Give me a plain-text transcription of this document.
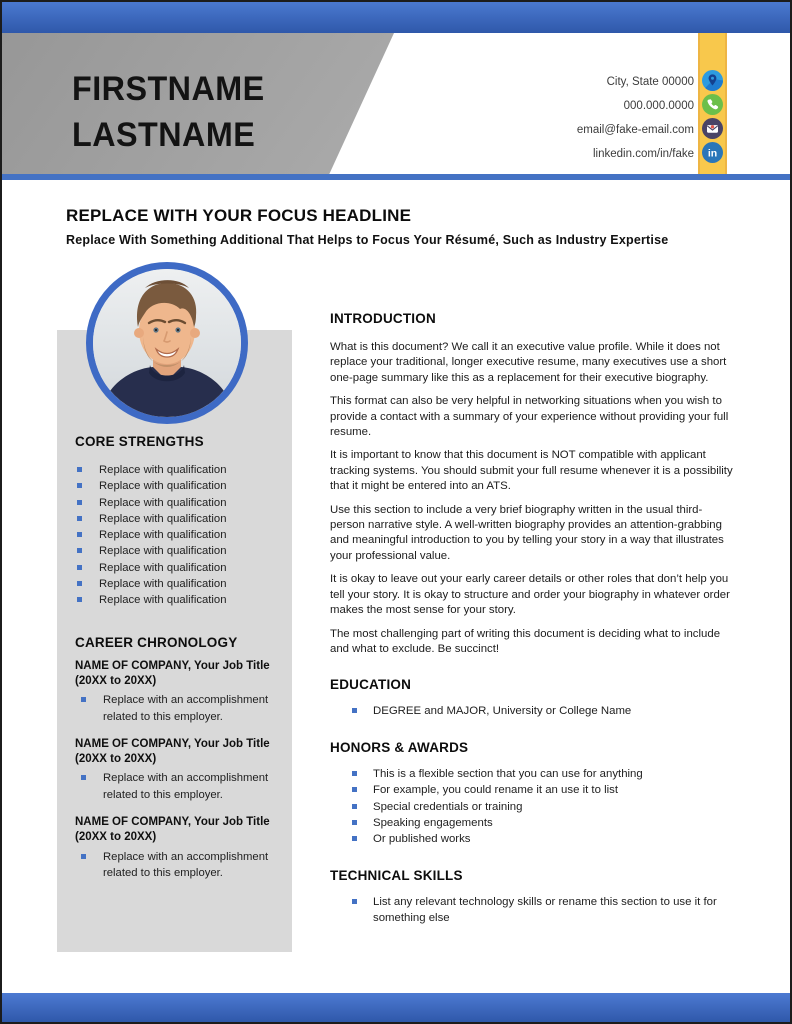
FIRSTNAME
LASTNAME
City, State 00000
000.000.0000
email@fake-email.com
linkedin.com/in/fake in
REPLACE WITH YOUR FOCUS HEADLINE

Replace With Something Additional That Helps to Focus Your Résumé, Such as Industry Expertise

CORE STRENGTHS
Replace with qualification
Replace with qualification
Replace with qualification
Replace with qualification
Replace with qualification
Replace with qualification
Replace with qualification
Replace with qualification
Replace with qualification
CAREER CHRONOLOGY
NAME OF COMPANY, Your Job Title
(20XX to 20XX)
Replace with an accomplishment related to this employer.
NAME OF COMPANY, Your Job Title
(20XX to 20XX)
Replace with an accomplishment related to this employer.
NAME OF COMPANY, Your Job Title
(20XX to 20XX)
Replace with an accomplishment related to this employer.
INTRODUCTION

What is this document? We call it an executive value profile. While it does not replace your traditional, longer executive resume, many executives use a short one-page summary like this as a replacement for their executive biography.

This format can also be very helpful in networking situations when you wish to provide a contact with a summary of your experience without providing your full resume.

It is important to know that this document is NOT compatible with applicant tracking systems. You should submit your full resume whenever it is a possibility that it might be entered into an ATS.

Use this section to include a very brief biography written in the usual third-person narrative style. A well-written biography provides an attention-grabbing and meaningful introduction to you by telling your story in a way that illustrates your professional value.

It is okay to leave out your early career details or other roles that don’t help you tell your story. It is okay to structure and order your biography in whatever order makes the most sense for your story.

The most challenging part of writing this document is deciding what to include and what to exclude. Be succinct!

EDUCATION
DEGREE and MAJOR, University or College Name
HONORS & AWARDS
This is a flexible section that you can use for anything
For example, you could rename it an use it to list
Special credentials or training
Speaking engagements
Or published works
TECHNICAL SKILLS
List any relevant technology skills or rename this section to use it for something else
